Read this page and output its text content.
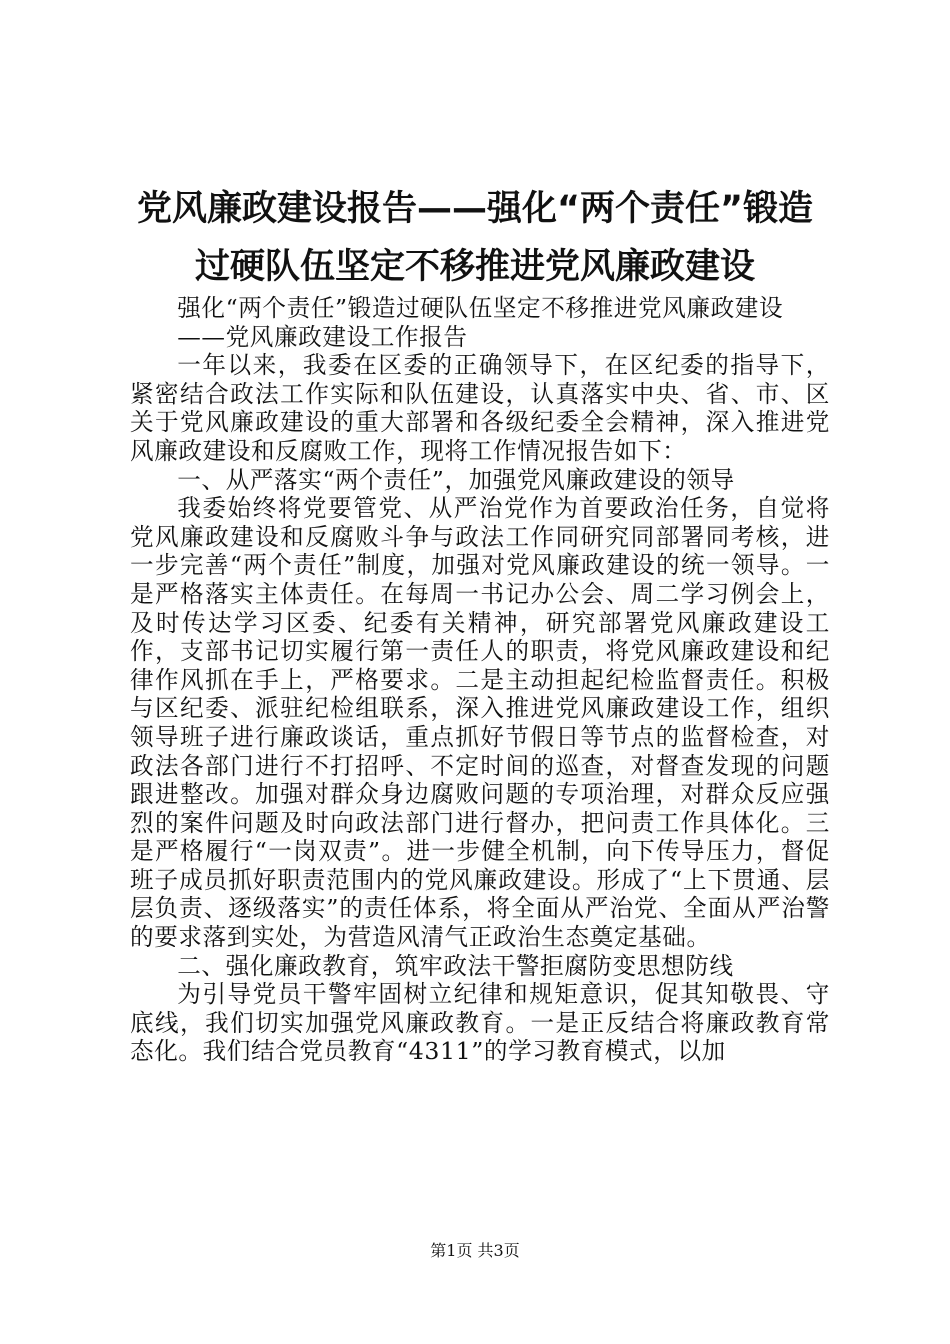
党风廉政建设报告——强化“两个责任”锻造
过硬队伍坚定不移推进党风廉政建设

强化“两个责任”锻造过硬队伍坚定不移推进党风廉政建设

——党风廉政建设工作报告

一年以来，我委在区委的正确领导下，在区纪委的指导下，紧密结合政法工作实际和队伍建设，认真落实中央、省、市、区关于党风廉政建设的重大部署和各级纪委全会精神，深入推进党风廉政建设和反腐败工作，现将工作情况报告如下：

一、从严落实“两个责任”，加强党风廉政建设的领导

我委始终将党要管党、从严治党作为首要政治任务，自觉将党风廉政建设和反腐败斗争与政法工作同研究同部署同考核，进一步完善“两个责任”制度，加强对党风廉政建设的统一领导。一是严格落实主体责任。在每周一书记办公会、周二学习例会上，及时传达学习区委、纪委有关精神，研究部署党风廉政建设工作，支部书记切实履行第一责任人的职责，将党风廉政建设和纪律作风抓在手上，严格要求。二是主动担起纪检监督责任。积极与区纪委、派驻纪检组联系，深入推进党风廉政建设工作，组织领导班子进行廉政谈话，重点抓好节假日等节点的监督检查，对政法各部门进行不打招呼、不定时间的巡查，对督查发现的问题跟进整改。加强对群众身边腐败问题的专项治理，对群众反应强烈的案件问题及时向政法部门进行督办，把问责工作具体化。三是严格履行“一岗双责”。进一步健全机制，向下传导压力，督促班子成员抓好职责范围内的党风廉政建设。形成了“上下贯通、层层负责、逐级落实”的责任体系，将全面从严治党、全面从严治警的要求落到实处，为营造风清气正政治生态奠定基础。

二、强化廉政教育，筑牢政法干警拒腐防变思想防线

为引导党员干警牢固树立纪律和规矩意识，促其知敬畏、守底线，我们切实加强党风廉政教育。一是正反结合将廉政教育常态化。我们结合党员教育“4311”的学习教育模式，以加

第1页 共3页
